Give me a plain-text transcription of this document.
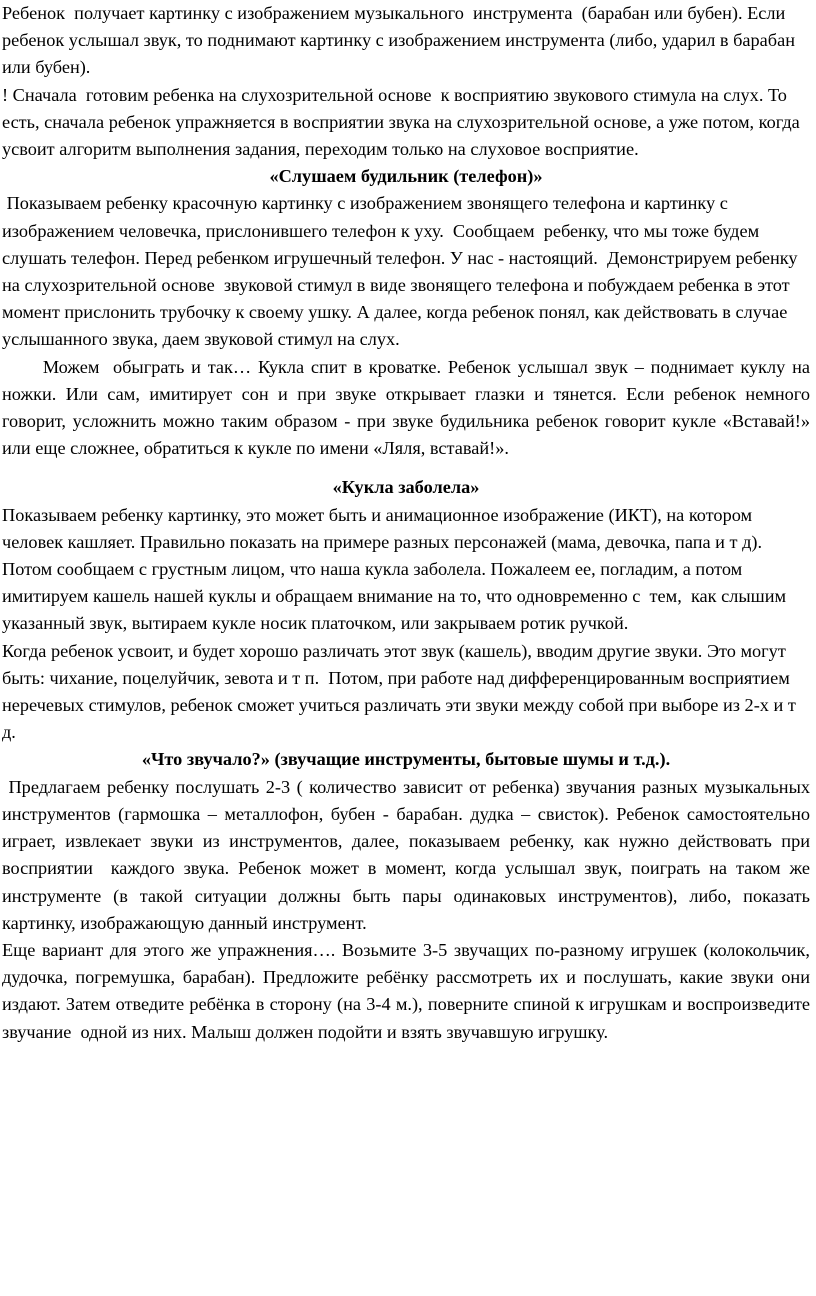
Ребенок  получает картинку с изображением музыкального  инструмента  (барабан или бубен). Если  ребенок услышал звук, то поднимают картинку с изображением инструмента (либо, ударил в барабан или бубен).

! Сначала  готовим ребенка на слухозрительной основе  к восприятию звукового стимула на слух. То есть, сначала ребенок упражняется в восприятии звука на слухозрительной основе, а уже потом, когда усвоит алгоритм выполнения задания, переходим только на слуховое восприятие.

«Слушаем будильник (телефон)»

Показываем ребенку красочную картинку с изображением звонящего телефона и картинку с изображением человечка, прислонившего телефон к уху.  Сообщаем  ребенку, что мы тоже будем слушать телефон. Перед ребенком игрушечный телефон. У нас - настоящий.  Демонстрируем ребенку на слухозрительной основе  звуковой стимул в виде звонящего телефона и побуждаем ребенка в этот момент прислонить трубочку к своему ушку. А далее, когда ребенок понял, как действовать в случае услышанного звука, даем звуковой стимул на слух.

Можем  обыграть и так… Кукла спит в кроватке. Ребенок услышал звук – поднимает куклу на ножки. Или сам, имитирует сон и при звуке открывает глазки и тянется. Если ребенок немного говорит, усложнить можно таким образом - при звуке будильника ребенок говорит кукле «Вставай!» или еще сложнее, обратиться к кукле по имени «Ляля, вставай!».

«Кукла заболела»

Показываем ребенку картинку, это может быть и анимационное изображение (ИКТ), на котором человек кашляет. Правильно показать на примере разных персонажей (мама, девочка, папа и т д). Потом сообщаем с грустным лицом, что наша кукла заболела. Пожалеем ее, погладим, а потом имитируем кашель нашей куклы и обращаем внимание на то, что одновременно с  тем,  как слышим указанный звук, вытираем кукле носик платочком, или закрываем ротик ручкой.

Когда ребенок усвоит, и будет хорошо различать этот звук (кашель), вводим другие звуки. Это могут быть: чихание, поцелуйчик, зевота и т п.  Потом, при работе над дифференцированным восприятием неречевых стимулов, ребенок сможет учиться различать эти звуки между собой при выборе из 2-х и т д.

«Что звучало?» (звучащие инструменты, бытовые шумы и т.д.).

Предлагаем ребенку послушать 2-3 ( количество зависит от ребенка) звучания разных музыкальных инструментов (гармошка – металлофон, бубен - барабан. дудка – свисток). Ребенок самостоятельно играет, извлекает звуки из инструментов, далее, показываем ребенку, как нужно действовать при восприятии  каждого звука. Ребенок может в момент, когда услышал звук, поиграть на таком же инструменте (в такой ситуации должны быть пары одинаковых инструментов), либо, показать картинку, изображающую данный инструмент.

Еще вариант для этого же упражнения…. Возьмите 3-5 звучащих по-разному игрушек (колокольчик, дудочка, погремушка, барабан). Предложите ребёнку рассмотреть их и послушать, какие звуки они издают. Затем отведите ребёнка в сторону (на 3-4 м.), поверните спиной к игрушкам и воспроизведите звучание  одной из них. Малыш должен подойти и взять звучавшую игрушку.
